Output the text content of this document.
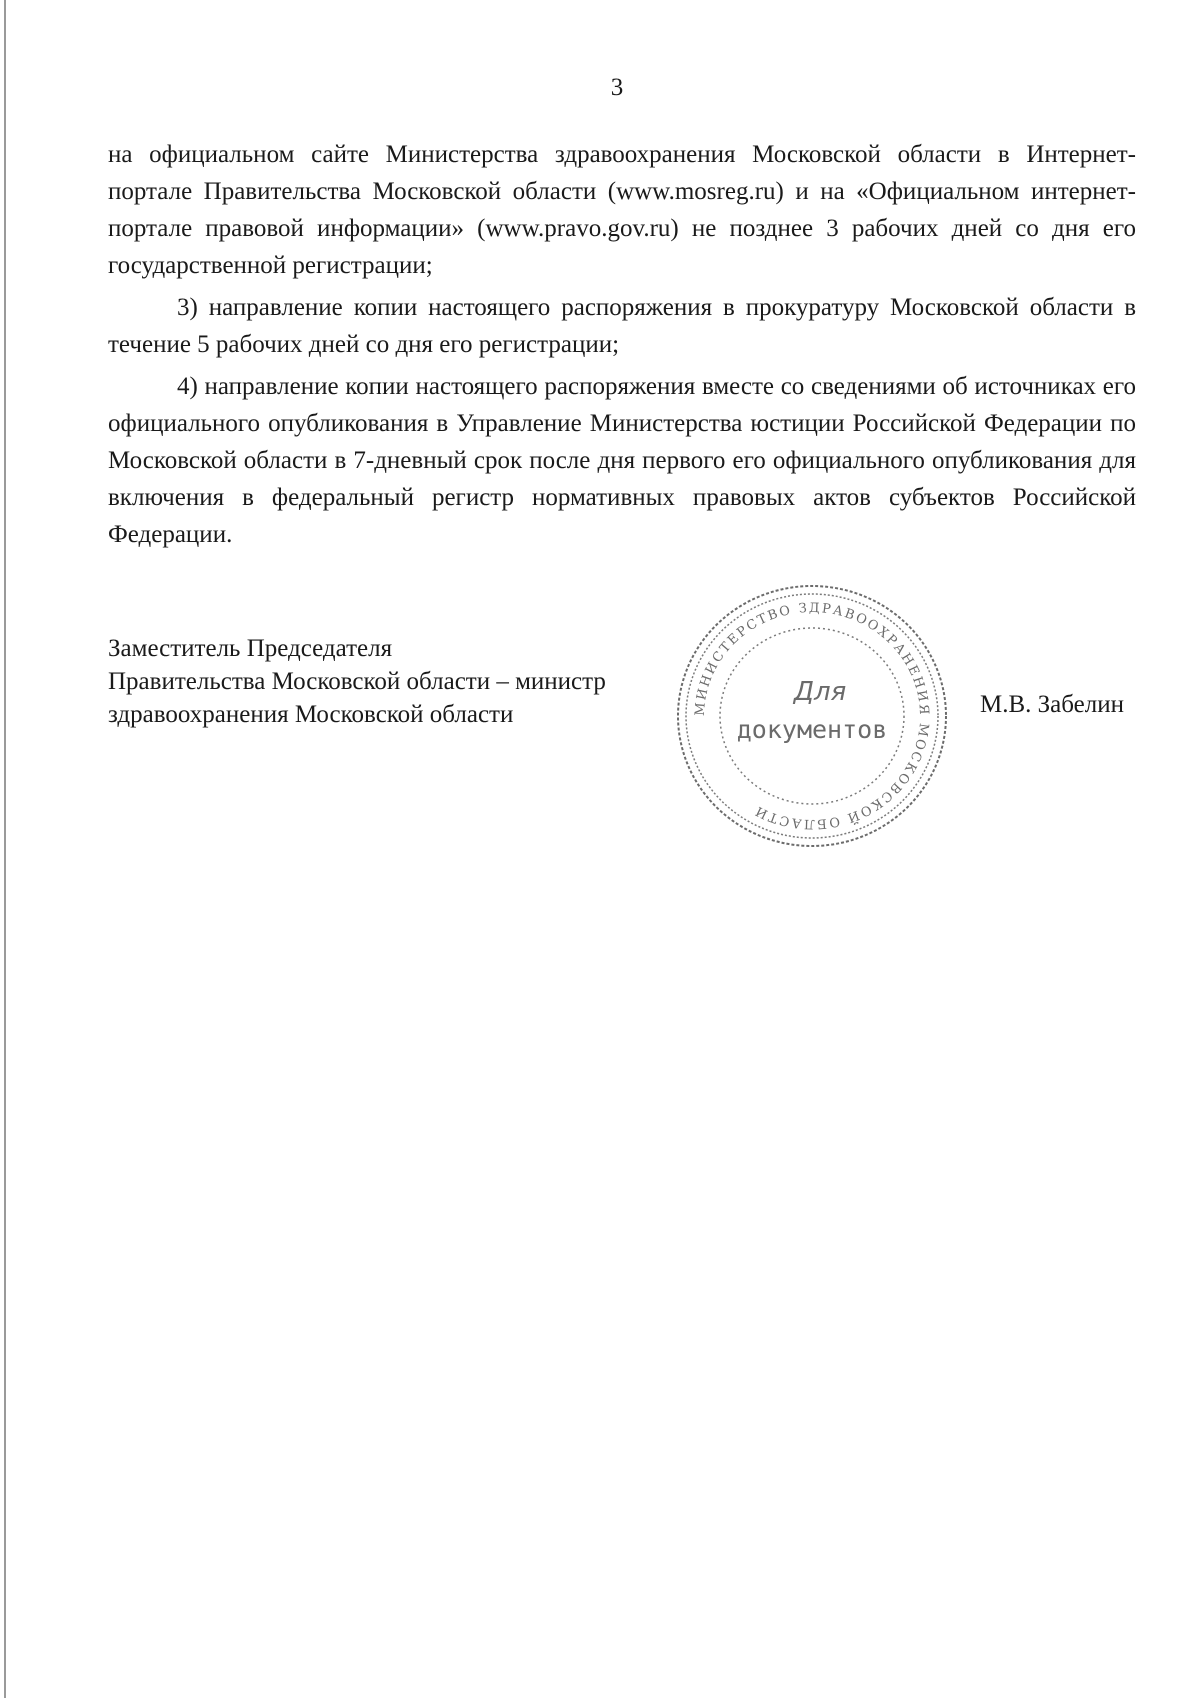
3

на официальном сайте Министерства здравоохранения Московской области в Интернет-портале Правительства Московской области (www.mosreg.ru) и на «Официальном интернет-портале правовой информации» (www.pravo.gov.ru) не позднее 3 рабочих дней со дня его государственной регистрации;

3) направление копии настоящего распоряжения в прокуратуру Московской области в течение 5 рабочих дней со дня его регистрации;

4) направление копии настоящего распоряжения вместе со сведениями об источниках его официального опубликования в Управление Министерства юстиции Российской Федерации по Московской области в 7-дневный срок после дня первого его официального опубликования для включения в федеральный регистр нормативных правовых актов субъектов Российской Федерации.

Заместитель Председателя
Правительства Московской области – министр
здравоохранения Московской области	МИНИСТЕРСТВО ЗДРАВООХРАНЕНИЯ МОСКОВСКОЙ ОБЛАСТИ
Для
документов
М.В. Забелин
